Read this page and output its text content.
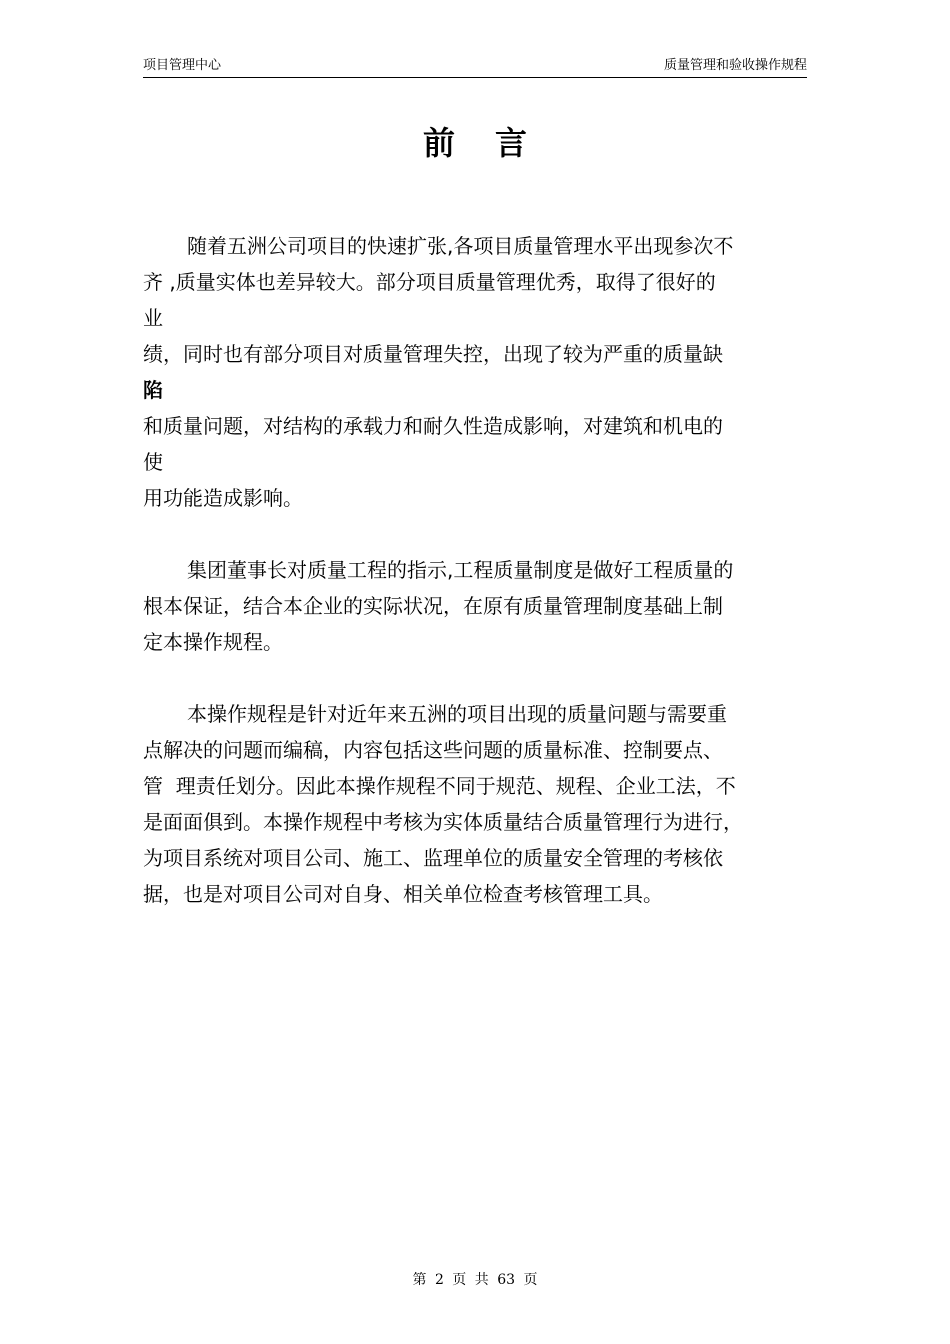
项目管理中心	质量管理和验收操作规程
前言
随着五洲公司项目的快速扩张,各项目质量管理水平出现参次不
齐 ,质量实体也差异较大。部分项目质量管理优秀，取得了很好的
业
绩，同时也有部分项目对质量管理失控，出现了较为严重的质量缺
陷
和质量问题，对结构的承载力和耐久性造成影响，对建筑和机电的
使
用功能造成影响。
集团董事长对质量工程的指示,工程质量制度是做好工程质量的
根本保证，结合本企业的实际状况，在原有质量管理制度基础上制
定本操作规程。
本操作规程是针对近年来五洲的项目出现的质量问题与需要重
点解决的问题而编稿，内容包括这些问题的质量标准、控制要点、
管  理责任划分。因此本操作规程不同于规范、规程、企业工法，不
是面面俱到。本操作规程中考核为实体质量结合质量管理行为进行，
为项目系统对项目公司、施工、监理单位的质量安全管理的考核依
据，也是对项目公司对自身、相关单位检查考核管理工具。
第 2 页 共 63 页
